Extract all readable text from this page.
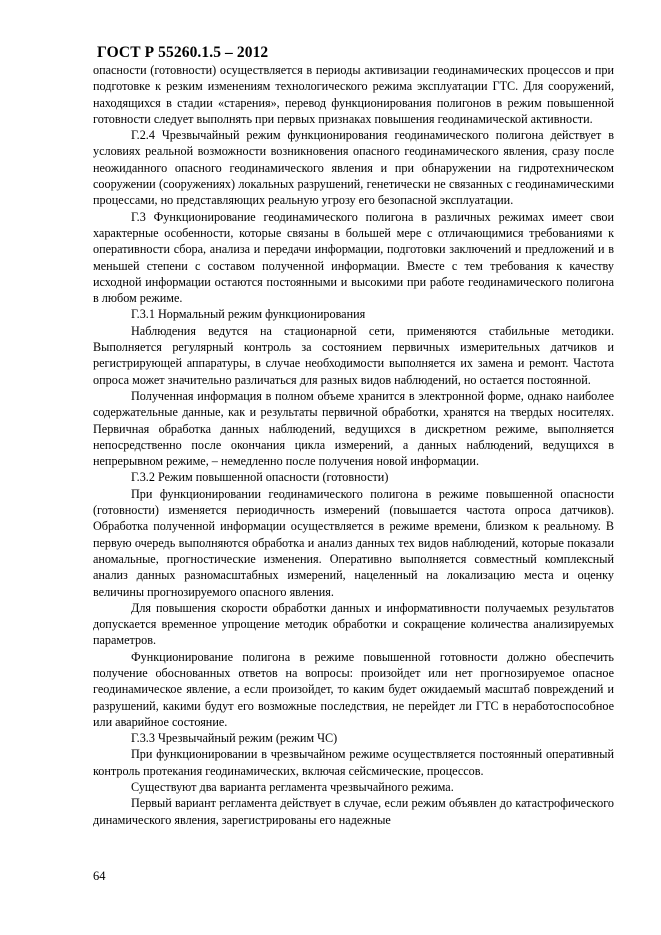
ГОСТ Р 55260.1.5 – 2012

опасности (готовности) осуществляется в периоды активизации геодинамических процессов и при подготовке к резким изменениям технологического режима эксплуатации ГТС. Для сооружений, находящихся в стадии «старения», перевод функционирования полигонов в режим повышенной готовности следует выполнять при первых признаках повышения геодинамической активности.

Г.2.4 Чрезвычайный режим функционирования геодинамического полигона действует в условиях реальной возможности возникновения опасного геодинамического явления, сразу после неожиданного опасного геодинамического явления и при обнаружении на гидротехническом сооружении (сооружениях) локальных разрушений, генетически не связанных с геодинамическими процессами, но представляющих реальную угрозу его безопасной эксплуатации.

Г.3 Функционирование геодинамического полигона в различных режимах имеет свои характерные особенности, которые связаны в большей мере с отличающимися требованиями к оперативности сбора, анализа и передачи информации, подготовки заключений и предложений и в меньшей степени с составом полученной информации. Вместе с тем требования к качеству исходной информации остаются постоянными и высокими при работе геодинамического полигона в любом режиме.

Г.3.1 Нормальный режим функционирования

Наблюдения ведутся на стационарной сети, применяются стабильные методики. Выполняется регулярный контроль за состоянием первичных измерительных датчиков и регистрирующей аппаратуры, в случае необходимости выполняется их замена и ремонт. Частота опроса может значительно различаться для разных видов наблюдений, но остается постоянной.

Полученная информация в полном объеме хранится в электронной форме, однако наиболее содержательные данные, как и результаты первичной обработки, хранятся на твердых носителях. Первичная обработка данных наблюдений, ведущихся в дискретном режиме, выполняется непосредственно после окончания цикла измерений, а данных наблюдений, ведущихся в непрерывном режиме, – немедленно после получения новой информации.

Г.3.2 Режим повышенной опасности (готовности)

При функционировании геодинамического полигона в режиме повышенной опасности (готовности) изменяется периодичность измерений (повышается частота опроса датчиков). Обработка полученной информации осуществляется в режиме времени, близком к реальному. В первую очередь выполняются обработка и анализ данных тех видов наблюдений, которые показали аномальные, прогностические изменения. Оперативно выполняется совместный комплексный анализ данных разномасштабных измерений, нацеленный на локализацию места и оценку величины прогнозируемого опасного явления.

Для повышения скорости обработки данных и информативности получаемых результатов допускается временное упрощение методик обработки и сокращение количества анализируемых параметров.

Функционирование полигона в режиме повышенной готовности должно обеспечить получение обоснованных ответов на вопросы: произойдет или нет прогнозируемое опасное геодинамическое явление, а если произойдет, то каким будет ожидаемый масштаб повреждений и разрушений, какими будут его возможные последствия, не перейдет ли ГТС в неработоспособное или аварийное состояние.

Г.3.3 Чрезвычайный режим (режим ЧС)

При функционировании в чрезвычайном режиме осуществляется постоянный оперативный контроль протекания геодинамических, включая сейсмические, процессов.

Существуют два варианта регламента чрезвычайного режима.

Первый вариант регламента действует в случае, если режим объявлен до катастрофического динамического явления, зарегистрированы его надежные

64
